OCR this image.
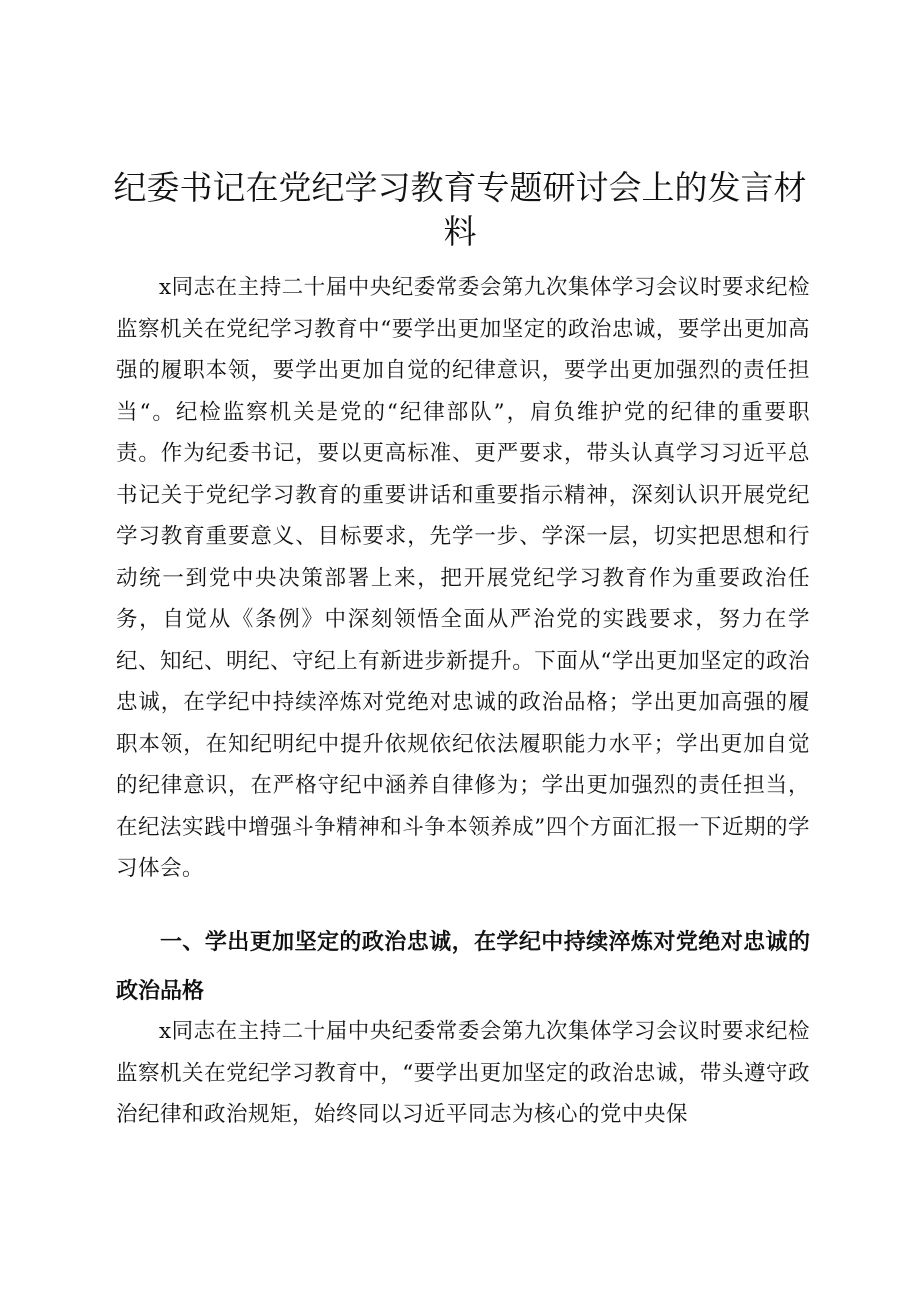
纪委书记在党纪学习教育专题研讨会上的发言材料

x同志在主持二十届中央纪委常委会第九次集体学习会议时要求纪检监察机关在党纪学习教育中“要学出更加坚定的政治忠诚，要学出更加高强的履职本领，要学出更加自觉的纪律意识，要学出更加强烈的责任担当“。纪检监察机关是党的“纪律部队”，肩负维护党的纪律的重要职责。作为纪委书记，要以更高标准、更严要求，带头认真学习习近平总书记关于党纪学习教育的重要讲话和重要指示精神，深刻认识开展党纪学习教育重要意义、目标要求，先学一步、学深一层，切实把思想和行动统一到党中央决策部署上来，把开展党纪学习教育作为重要政治任务，自觉从《条例》中深刻领悟全面从严治党的实践要求，努力在学纪、知纪、明纪、守纪上有新进步新提升。下面从“学出更加坚定的政治忠诚，在学纪中持续淬炼对党绝对忠诚的政治品格；学出更加高强的履职本领，在知纪明纪中提升依规依纪依法履职能力水平；学出更加自觉的纪律意识，在严格守纪中涵养自律修为；学出更加强烈的责任担当，在纪法实践中增强斗争精神和斗争本领养成”四个方面汇报一下近期的学习体会。

一、学出更加坚定的政治忠诚，在学纪中持续淬炼对党绝对忠诚的政治品格

x同志在主持二十届中央纪委常委会第九次集体学习会议时要求纪检监察机关在党纪学习教育中，“要学出更加坚定的政治忠诚，带头遵守政治纪律和政治规矩，始终同以习近平同志为核心的党中央保
